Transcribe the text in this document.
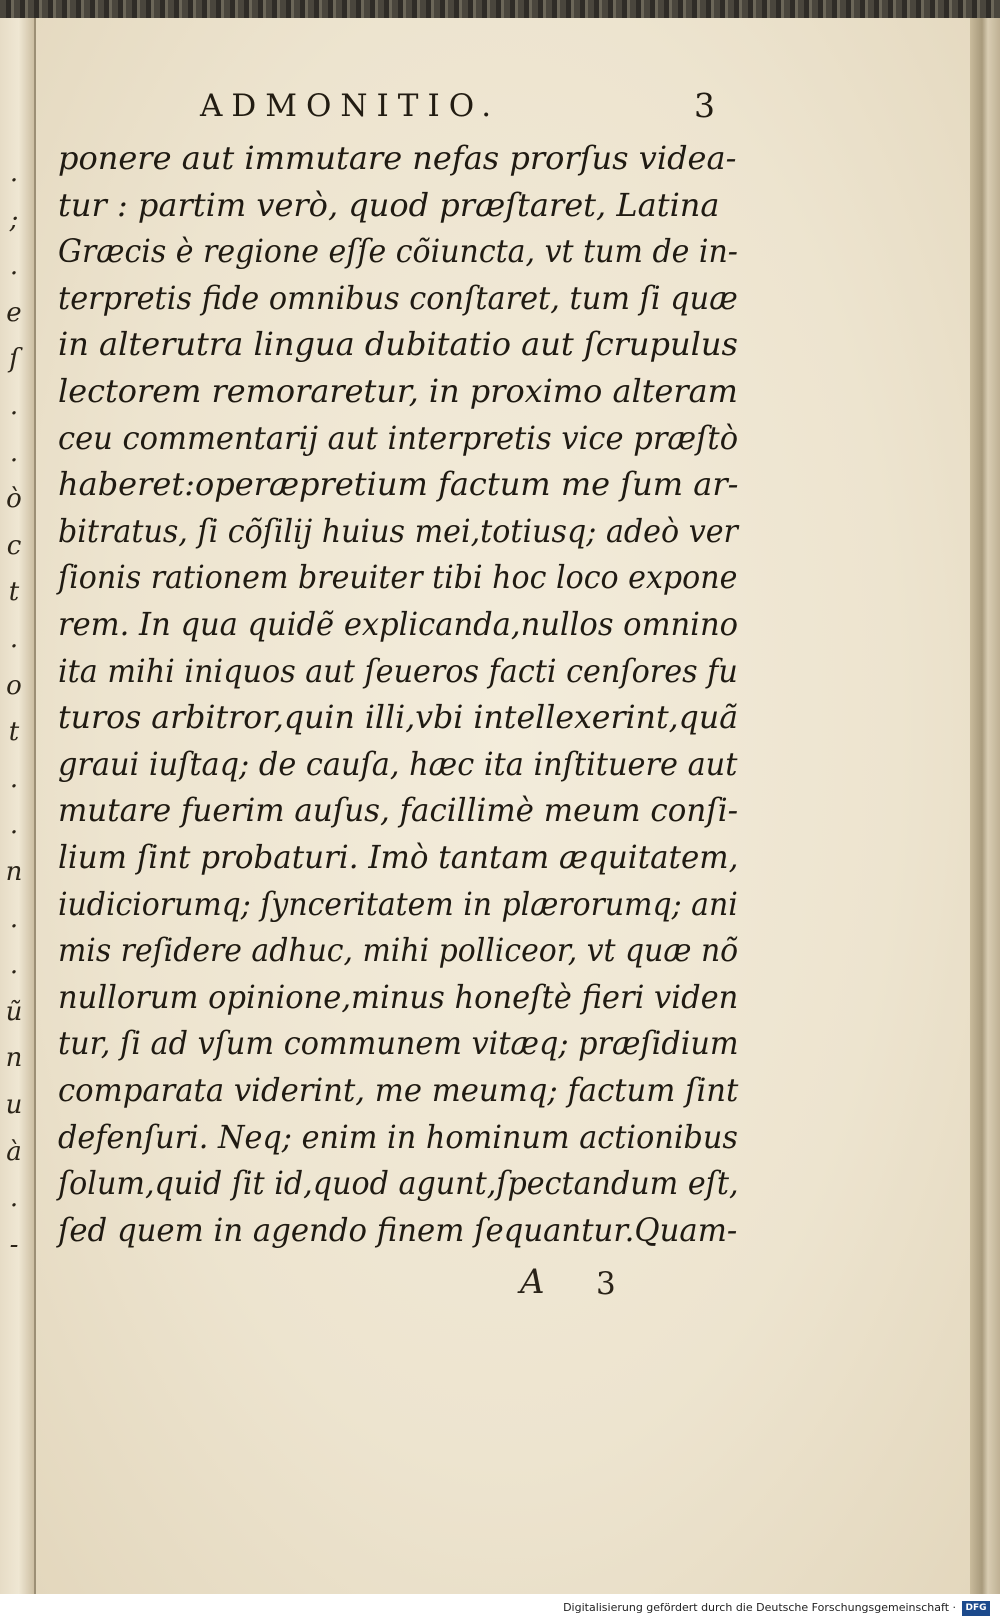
.
;
.
e
ſ
.
.
ò
c
t
.
o
t
.
.
n
.
.
ũ
n
u
à
.
-
ADMONITIO.	3
ponere aut immutare nefas prorſus videa-
tur : partim verò, quod præſtaret, Latina
Græcis è regione eſſe cõiuncta, vt tum de in-
terpretis fide omnibus conſtaret, tum ſi quæ
in alterutra lingua dubitatio aut ſcrupulus
lectorem remoraretur, in proximo alteram
ceu commentarij aut interpretis vice præſtò
haberet:operæpretium factum me ſum ar-
bitratus, ſi cõſilij huius mei,totiusq; adeò ver
ſionis rationem breuiter tibi hoc loco expone
rem. In qua quidẽ explicanda,nullos omnino
ita mihi iniquos aut ſeueros facti cenſores fu
turos arbitror,quin illi,vbi intellexerint,quã
graui iuſtaq; de cauſa, hæc ita inſtituere aut
mutare fuerim auſus, facillimè meum conſi-
lium ſint probaturi. Imò tantam æquitatem,
iudiciorumq; ſynceritatem in plærorumq; ani
mis reſidere adhuc, mihi polliceor, vt quæ nõ
nullorum opinione,minus honeſtè fieri viden
tur, ſi ad vſum communem vitæq; præſidium
comparata viderint, me meumq; factum ſint
defenſuri. Neq; enim in hominum actionibus
ſolum,quid ſit id,quod agunt,ſpectandum eſt,
ſed quem in agendo finem ſequantur.Quam-
A 3
Digitalisierung gefördert durch die Deutsche Forschungsgemeinschaft ·	DFG
